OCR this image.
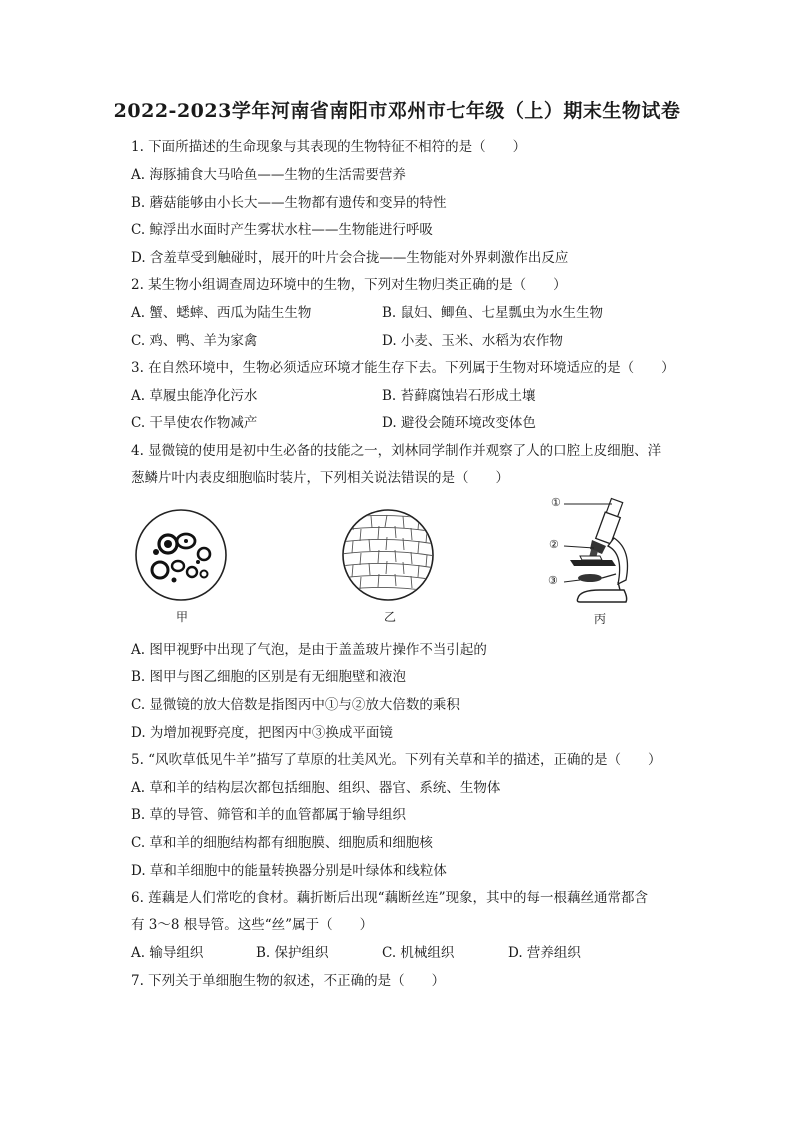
2022-2023学年河南省南阳市邓州市七年级（上）期末生物试卷
1. 下面所描述的生命现象与其表现的生物特征不相符的是（　　）
A. 海豚捕食大马哈鱼——生物的生活需要营养
B. 蘑菇能够由小长大——生物都有遗传和变异的特性
C. 鲸浮出水面时产生雾状水柱——生物能进行呼吸
D. 含羞草受到触碰时，展开的叶片会合拢——生物能对外界刺激作出反应
2. 某生物小组调查周边环境中的生物，下列对生物归类正确的是（　　）
A. 蟹、蟋蟀、西瓜为陆生生物	B. 鼠妇、鲫鱼、七星瓢虫为水生生物
C. 鸡、鸭、羊为家禽	D. 小麦、玉米、水稻为农作物
3. 在自然环境中，生物必须适应环境才能生存下去。下列属于生物对环境适应的是（　　）
A. 草履虫能净化污水	B. 苔藓腐蚀岩石形成土壤
C. 干旱使农作物减产	D. 避役会随环境改变体色
4. 显微镜的使用是初中生必备的技能之一，刘林同学制作并观察了人的口腔上皮细胞、洋
葱鳞片叶内表皮细胞临时装片，下列相关说法错误的是（　　）
甲	乙
①
②
③
丙
A. 图甲视野中出现了气泡，是由于盖盖玻片操作不当引起的
B. 图甲与图乙细胞的区别是有无细胞壁和液泡
C. 显微镜的放大倍数是指图丙中①与②放大倍数的乘积
D. 为增加视野亮度，把图丙中③换成平面镜
5. “风吹草低见牛羊”描写了草原的壮美风光。下列有关草和羊的描述，正确的是（　　）
A. 草和羊的结构层次都包括细胞、组织、器官、系统、生物体
B. 草的导管、筛管和羊的血管都属于输导组织
C. 草和羊的细胞结构都有细胞膜、细胞质和细胞核
D. 草和羊细胞中的能量转换器分别是叶绿体和线粒体
6. 莲藕是人们常吃的食材。藕折断后出现“藕断丝连”现象，其中的每一根藕丝通常都含
有 3～8 根导管。这些“丝”属于（　　）
A. 输导组织	B. 保护组织	C. 机械组织	D. 营养组织
7. 下列关于单细胞生物的叙述，不正确的是（　　）
